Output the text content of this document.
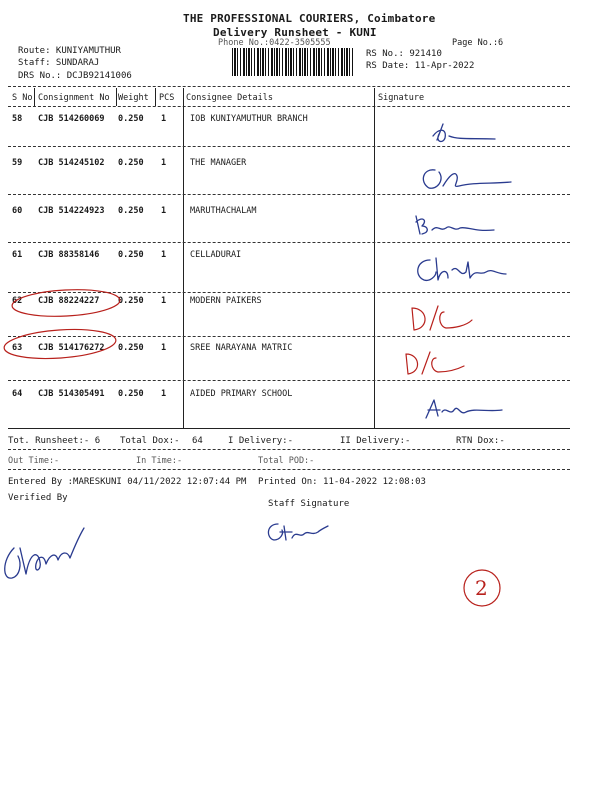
THE PROFESSIONAL COURIERS, Coimbatore
Delivery Runsheet - KUNI
Phone No.:0422-3505555	Page No.:6
Route: KUNIYAMUTHUR
Staff: SUNDARAJ
DRS No.: DCJB92141006
RS No.: 921410
RS Date: 11-Apr-2022
S No Consignment No Weight PCS Consignee Details	Signature
58 CJB 514260069 0.250 1	IOB KUNIYAMUTHUR BRANCH
59 CJB 514245102 0.250 1	THE MANAGER
60 CJB 514224923 0.250 1	MARUTHACHALAM
61 CJB 88358146 0.250 1	CELLADURAI
62 CJB 88224227 0.250 1	MODERN PAIKERS
63 CJB 514176272 0.250 1	SREE NARAYANA MATRIC
64 CJB 514305491 0.250 1	AIDED PRIMARY SCHOOL
Tot. Runsheet:- 6 Total Dox:- 64	I Delivery:-	II Delivery:-	RTN Dox:-
Out Time:-	In Time:-	Total POD:-
Entered By :MARESKUNI 04/11/2022 12:07:44 PM Printed On: 11-04-2022 12:08:03
Verified By
Staff Signature
2
